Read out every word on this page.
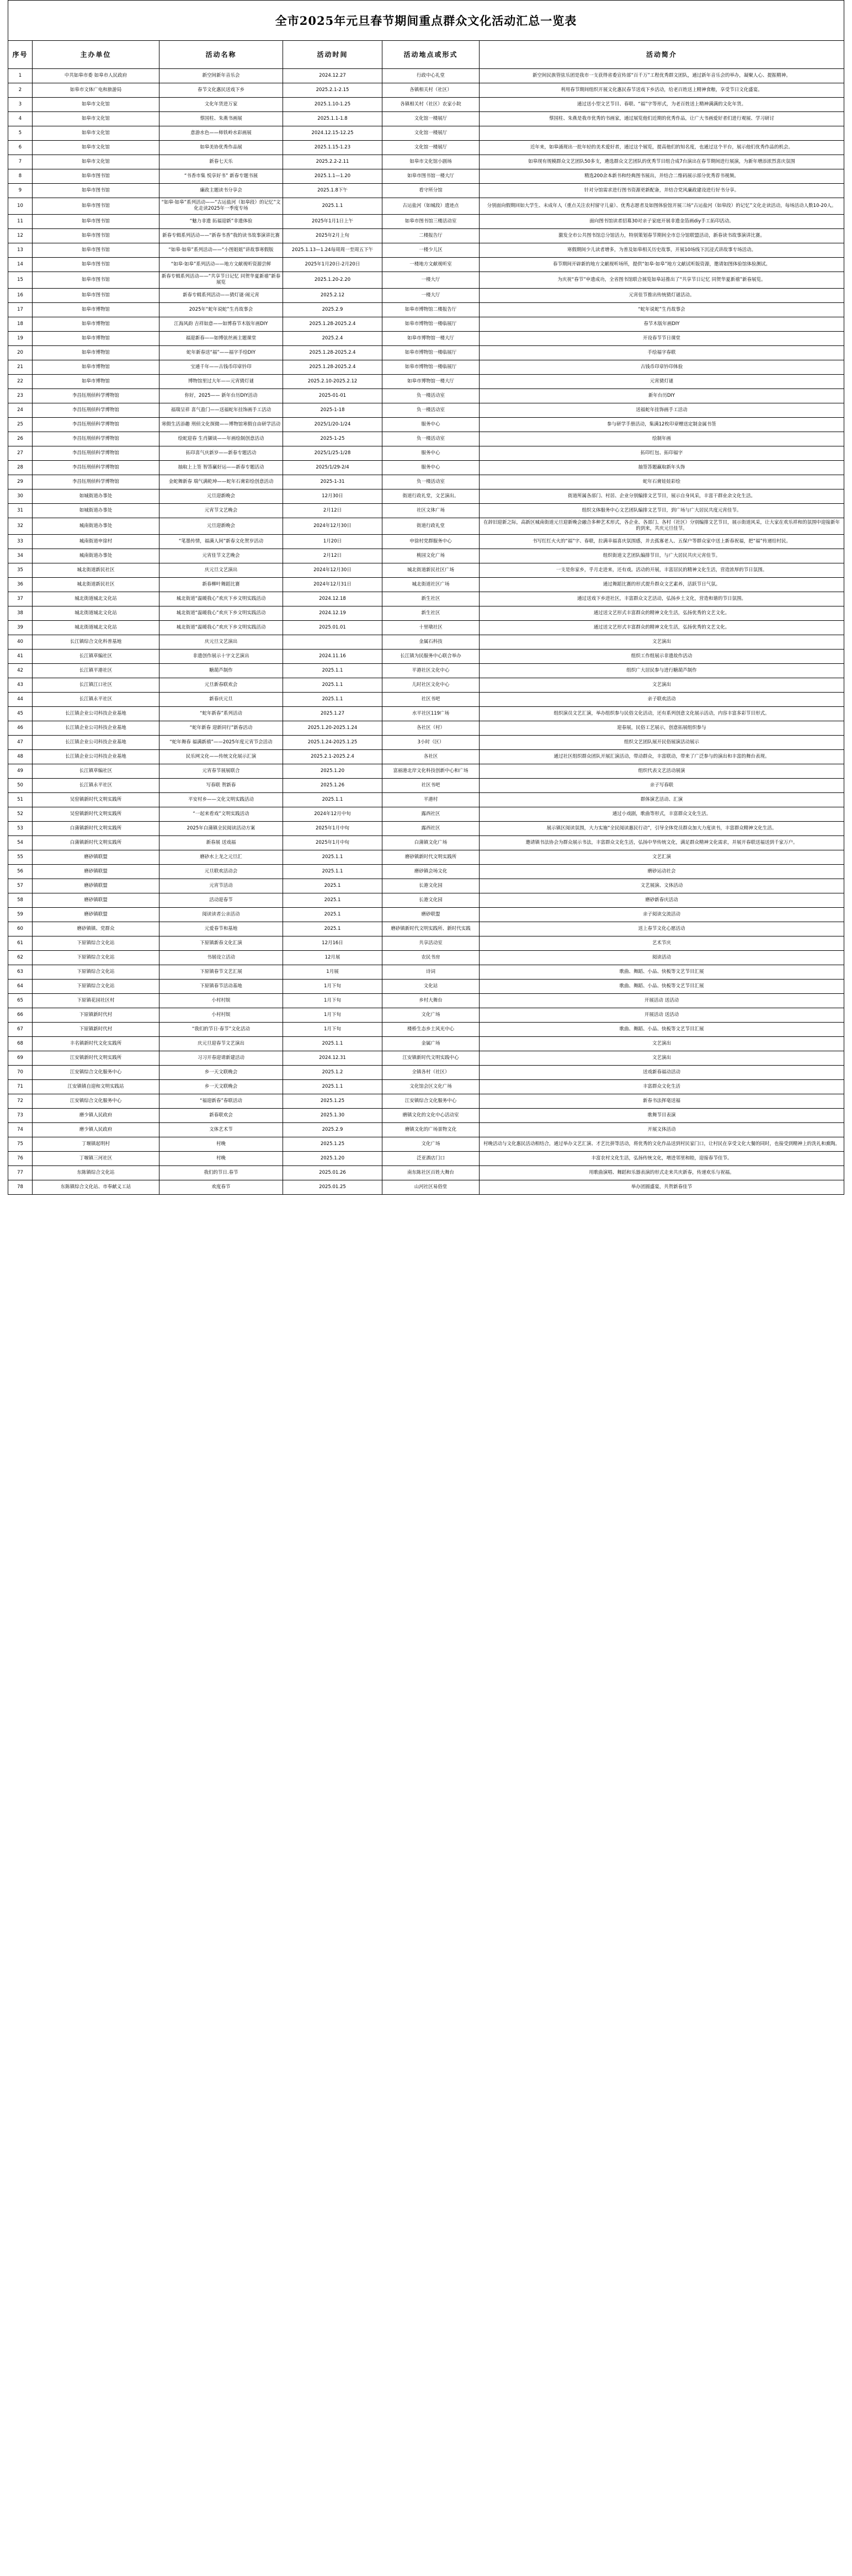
全市2025年元旦春节期间重点群众文化活动汇总一览表
序号	主办单位	活动名称	活动时间	活动地点或形式	活动简介
1	中共如皋市委 如皋市人民政府	新空间新年音乐会	2024.12.27	行政中心礼堂	新空间民族管弦乐团是我市一支获得省委宣传部“百千万”工程优秀群文团队，通过新年音乐会的举办，凝聚人心、提振精神。
2	如皋市文体广电和旅游局	春节文化惠民送戏下乡	2025.2.1-2.15	各镇相关村（社区）	利用春节期间组织开展文化惠民春节送戏下乡活动，给老百姓送上精神食粮，享受节日文化盛宴。
3	如皋市文化馆	文化年货进万家	2025.1.10-1.25	各镇相关村（社区）农家小院	通过送小型文艺节目、春联、“福”字等形式，为老百姓送上精神满满的文化年货。
4	如皋市文化馆	蔡国柱、朱燕书画展	2025.1.1-1.8	文化馆一楼展厅	蔡国柱、朱燕是我市优秀的书画家，通过展览他们近期的优秀作品，让广大书画爱好者们进行观展、学习研讨
5	如皋市文化馆	意游水色——师铁岭水彩画展	2024.12.15-12.25	文化馆一楼展厅	
6	如皋市文化馆	如皋美协优秀作品展	2025.1.15-1.23	文化馆一楼展厅	近年来，如皋涌现出一批年轻的美术爱好者，通过这个展览，提高他们的知名度，也通过这个平台，展示他们优秀作品的机会。
7	如皋市文化馆	新春七天乐	2025.2.2-2.11	如皋市文化馆小剧场	如皋现有规模群众文艺团队50多支，遴选群众文艺团队的优秀节目组合成7台演出在春节期间进行展演，为新年增添浓烈喜庆氛围
8	如皋市图书馆	“书香市集 悦享好书” 新春专题书展	2025.1.1—1.20	如皋市图书馆一楼大厅	精选200余本新书和经典图书展出，并结合二维码展示部分优秀荐书视频。
9	如皋市图书馆	廉政主题读书分享会	2025.1.8下午	看守所分馆	针对分馆需求进行图书资源更新配备，并结合党风廉政建设进行好书分享。
10	如皋市图书馆	“如皋·如皋”系列活动——“古运盐河（如皋段）的记忆”文化走读2025年一季度专场	2025.1.1	古运盐河（如城段）遗迹点	分别面向假期回如大学生、未成年人（重点关注农村留守儿童）、优秀志愿者及如图体验馆开展三场“古运盐河（如皋段）的记忆”文化走读活动，每场活动人数10-20人。
11	如皋市图书馆	“魅力非遗 拓福迎新”非遗体验	2025年1月1日上午	如皋市图书馆三楼活动室	面向图书馆读者招募30对亲子家庭开展非遗金箔画diy手工拓印活动。
12	如皋市图书馆	新春专辑系列活动——“新春书香”我的读书故事演讲比赛	2025年2月上旬	二楼报告厅	激发全市公共图书馆总分馆活力，特别策划春节期间全市总分馆联盟活动，新春读书故事演讲比赛。
13	如皋市图书馆	“如皋·如皋”系列活动——“小图姐姐”讲故事寒假版	2025.1.13—1.24每周周一至周五下午	一楼少儿区	寒假期间少儿读者增多，为普及如皋相关历史故事，开展10场线下沉浸式讲故事专场活动。
14	如皋市图书馆	“如皋·如皋”系列活动——地方文献视听资源尝鲜	2025年1月20日-2月20日	一楼地方文献视听室	春节期间开辟新的地方文献视听场所，提供“如皋·如皋”地方文献试听版资源，邀请如图体验馆体验测试。
15	如皋市图书馆	新春专辑系列活动——“共享节日记忆 同贺华夏新禧”新春展览	2025.1.20-2.20	一楼大厅	为庆祝“春节”申遗成功，全省图书馆联合展览如皋站推出了“共享节日记忆 同贺华夏新禧”新春展览。
16	如皋市图书馆	新春专辑系列活动——猜灯谜·闹元宵	2025.2.12	一楼大厅	元宵佳节推出传统猜灯谜活动。
17	如皋市博物馆	2025年“蛇年说蛇”生肖故事会	2025.2.9	如皋市博物馆二楼报告厅	“蛇年说蛇”生肖故事会
18	如皋市博物馆	江海风韵 吉祥如意——如博春节木版年画DIY	2025.1.28-2025.2.4	如皋市博物馆一楼临展厅	春节木版年画DIY
19	如皋市博物馆	福迎新春——如博弦丝画主题课堂	2025.2.4	如皋市博物馆一楼大厅	开设春节节日课堂
20	如皋市博物馆	蛇年新春送“福”——福字手绘DIY	2025.1.28-2025.2.4	如皋市博物馆一楼临展厅	手绘福字春联
21	如皋市博物馆	宝通千年——古钱币印章钤印	2025.1.28-2025.2.4	如皋市博物馆一楼临展厅	古钱币印章钤印体验
22	如皋市博物馆	博物馆里过大年——元宵猜灯谜	2025.2.10-2025.2.12	如皋市博物馆一楼大厅	元宵猜灯谜
23	李昌钰刑侦科学博物馆	你好，2025—— 新年台历DIY活动	2025-01-01	负一楼活动室	新年台历DIY
24	李昌钰刑侦科学博物馆	福瑞呈祥 喜气盈门——送福蛇年挂饰画手工活动	2025-1-18	负一楼活动室	送福蛇年挂饰画手工活动
25	李昌钰刑侦科学博物馆	寒假生活添趣 刑侦文化探微——博物馆寒假自由研学活动	2025/1/20-1/24	服务中心	参与研学手册活动，集满12枚印章赠送定制金属书签
26	李昌钰刑侦科学博物馆	绘蛇迎春 生肖撷谈——年画绘制创意活动	2025-1-25	负一楼活动室	绘制年画
27	李昌钰刑侦科学博物馆	拓印喜气庆新岁——新春专题活动	2025/1/25-1/28	服务中心	拓印红包、拓印福字
28	李昌钰刑侦科学博物馆	抽取上上签 智答赢好运——新春专题活动	2025/1/29-2/4	服务中心	抽签答题赢取新年头饰
29	李昌钰刑侦科学博物馆	金蛇舞新春 瑞气满乾坤——蛇年石膏彩绘创意活动	2025-1-31	负一楼活动室	蛇年石膏娃娃彩绘
30	如城街道办事处	元旦迎新晚会	12月30日	街道行政礼堂，文艺演出。	街道所属各部门、村居、企业分别编排文艺节目，展示自身风采，丰富干群业余文化生活。
31	如城街道办事处	元宵节文艺晚会	2月12日	社区文体广场	组织文体服务中心文艺团队编排文艺节目，到广场与广大居民共度元宵佳节。
32	城南街道办事处	元旦迎新晚会	2024年12月30日	街道行政礼堂	在辞旧迎新之际，高新区城南街道元旦迎新晚会融合多种艺术形式，各企业、各部门、各村（社区）分别编排文艺节目，展示街道风采，让大家在欢乐祥和的氛围中迎接新年的到来，共庆元旦佳节。
33	城南街道申徐村	“笔墨传情，福满人间”新春文化贺岁活动	1月20日	申徐村党群服务中心	书写红红火火的“福”字、春联，拉满幸福喜庆氛围感，并去孤寡老人、五保户等群众家中送上新春祝福，把“福”传递给村民。
34	城南街道办事处	元宵佳节文艺晚会	2月12日	桃园文化广场	组织街道文艺团队编排节目，与广大居民共庆元宵佳节。
35	城北街道新民社区	庆元旦文艺演出	2024年12月30日	城北街道新民社区广场	一支是你家乡，乎月走进来，还有戏。活动的开展，丰富居民的精神文化生活，营造浓厚的节日氛围。
36	城北街道新民社区	新春柳叶舞蹈比赛	2024年12月31日	城北街道社区广场	通过舞蹈比赛的形式提升群众文艺素养，活跃节日气氛。
37	城北街道城北文化站	城北街道“温暖我心”欢庆下乡文明实践活动	2024.12.18	新生社区	通过送戏下乡进社区，丰富群众文艺活动，弘扬乡土文化，营造和谐的节日氛围。
38	城北街道城北文化站	城北街道“温暖我心”欢庆下乡文明实践活动	2024.12.19	新生社区	通过送文艺形式丰富群众的精神文化生活，弘扬优秀的文艺文化。
39	城北街道城北文化站	城北街道“温暖我心”欢庆下乡文明实践活动	2025.01.01	十里墩社区	通过送文艺形式丰富群众的精神文化生活，弘扬优秀的文艺文化。
40	长江镇综合文化科普基地	庆元旦文艺演出		金属石科技	文艺演出
41	长江镇草编社区	非遗创作展示十字文艺演出	2024.11.16	长江镇为民服务中心联合举办	组织工作组展示非遗故作活动
42	长江镇平港社区	糖葫芦制作	2025.1.1	平港社区文化中心	组织广大居民参与进行糖葫芦制作
43	长江镇江口社区	元旦新春联欢会	2025.1.1	儿时社区文化中心	文艺演出
44	长江镇永平社区	新春庆元旦	2025.1.1	社区书吧	亲子联欢活动
45	长江镇企业公司科技企业基地	“蛇年新春”系列活动	2025.1.27	水平社区119广场	组织演员文艺汇演，举办组织参与民俗文化活动，还有系列创意文化展示活动，内容丰富多彩节目形式。
46	长江镇企业公司科技企业基地	“蛇年新春 迎新同行”新春活动	2025.1.20-2025.1.24	各社区（村）	迎春展，民俗工艺展示，创意拓展组织参与
47	长江镇企业公司科技企业基地	“蛇年舞春 福满新禧”——2025年度元宵节会活动	2025.1.24-2025.1.25	3小时（区）	组织文艺团队展开民俗展演活动展示
48	长江镇企业公司科技企业基地	民乐网文化——传统文化展示汇演	2025.2.1-2025.2.4	各社区	通过社区组织群众团队开展汇演活动，带动群众，丰富联动，带来了广泛参与的演出和丰富的舞台表现。
49	长江镇草编社区	元宵春节展展联合	2025.1.20	富丽港北岸文化科技创新中心和广场	组织代表文艺活动展演
50	长江镇永平社区	写春联 贺新春	2025.1.26	社区书吧	亲子写春联
51	吴窑镇新时代文明实践所	平安村乡——文化文明实践活动	2025.1.1	平港村	群体演艺活动、汇演
52	吴窑镇新时代文明实践所	“一起来看戏”文明实践活动	2024年12月中旬	露西社区	通过小戏剧，歌曲等形式，丰富群众文化生活。
53	白蒲镇新时代文明实践所	2025年白蒲镇全民阅读活动方案	2025年1月中旬	露西社区	展示镇区阅读氛围，大力实施“全民阅读惠民行动”，引导全体党员群众加大力度读书，丰富群众精神文化生活。
54	白蒲镇新时代文明实践所	新春展 送戏福	2025年1月中旬	白蒲镇文化广场	邀请镇书法协会为群众展示书法，丰富群众文化生活，弘扬中华传统文化，满足群众精神文化需求，并展开春联送福送到千家万户。
55	磨砂镇联盟	磨砂水上龙之元旦汇	2025.1.1	磨砂镇新时代文明实践所	文艺汇演
56	磨砂镇联盟	元旦联欢活动会	2025.1.1	磨砂镇会场文化	磨砂运动社会
57	磨砂镇联盟	元宵节活动	2025.1	长港文化园	文艺展演、文体活动
58	磨砂镇联盟	活动迎春节	2025.1	长港文化园	磨砂新春庆活动
59	磨砂镇联盟	阅读读者公亲活动	2025.1	磨砂联盟	亲子阅读交流活动
60	磨砂镇镇、党群众	元爱春节和基地	2025.1	磨砂镇新时代文明实践所、新时代实践	送上春节文化心愿活动
61	下原镇综合文化站	下原镇新春文化汇演	12月16日	共享活动室	艺术节庆
62	下原镇综合文化站	书展设立活动	12月展	农民书房	阅读活动
63	下原镇综合文化站	下原镇春节文艺汇展	1月展	诗词	歌曲、舞蹈、小品、快板等文艺节目汇展
64	下原镇综合文化站	下原镇春节活动基地	1月下旬	文化站	歌曲、舞蹈、小品、快板等文艺节目汇展
65	下原镇花园社区村	小村村娱	1月下旬	乡村大舞台	开展活动 送活动
66	下原镇新时代村	小村村娱	1月下旬	文化广场	开展活动 送活动
67	下原镇新时代村	“我们的节日·春节”文化活动	1月下旬	楼桥生态乡土风光中心	歌曲、舞蹈、小品、快板等文艺节目汇展
68	丰名镇新时代文化实践所	庆元旦迎春节文艺演出	2025.1.1	金属广场	文艺演出
69	江安镇新时代文明实践所	习习开春迎请新建活动	2024.12.31	江安镇新时代文明实践中心	文艺演出
70	江安镇综合文化服务中心	乡一天文联晚会	2025.1.2	全镇各村（社区）	送戏新春福动活动
71	江安镇镇自迎和文明实践站	乡一天文联晚会	2025.1.1	文化馆会区文化广场	丰富群众文化生活
72	江安镇综合文化服务中心	“福迎新春”春联活动	2025.1.25	江安镇综合文化服务中心	新春书法挥毫送福
73	磨少镇人民政府	新春联欢会	2025.1.30	磨镇文化的文化中心活动室	歌舞节目表演
74	磨少镇人民政府	文体艺术节	2025.2.9	磨镇文化的广场景物文化	开展文体活动
75	丁堰镇起明村	村晚	2025.1.25	文化广场	村晚活动与文化惠民活动相结合，通过举办文艺汇演、才艺比拼等活动，将优秀的文化作品送到村民家门口，让村民在享受文化大餐的同时，也接受到精神上的洗礼和熏陶。
76	丁堰镇三河社区	村晚	2025.1.20	泛亚酒店门口	丰富农村文化生活，弘扬传统文化，增进邻里和睦，迎接春节佳节。
77	东陈镇综合文化站	我们的节日.春节	2025.01.26	南东陈社区百姓大舞台	用歌曲演唱、舞蹈和乐器表演的形式走来共庆新春，传递欢乐与祝福。
78	东陈镇综合文化站、市奉献义工站	欢度春节	2025.01.25	山河社区易俗堂	举办团圆盛宴，共贺新春佳节
